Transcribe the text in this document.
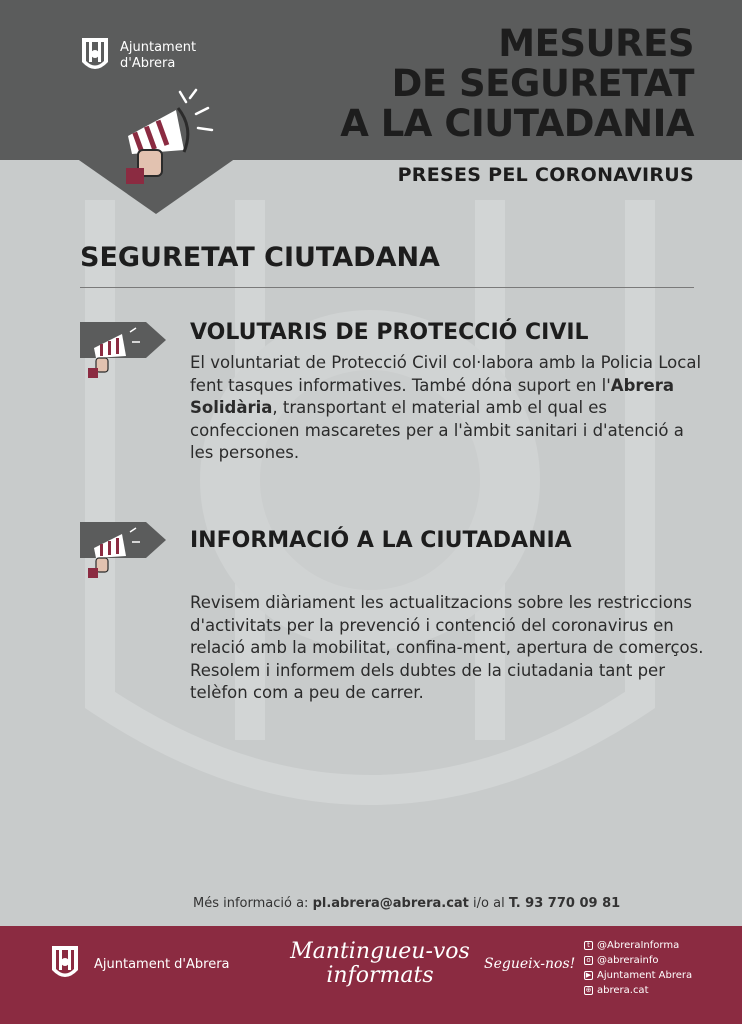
Ajuntament
d'Abrera	MESURES
DE SEGURETAT
A LA CIUTADANIA
PRESES PEL CORONAVIRUS
SEGURETAT CIUTADANA
VOLUTARIS DE PROTECCIÓ CIVIL
El voluntariat de Protecció Civil col·labora amb la Policia Local fent tasques informatives. També dóna suport en l'Abrera Solidària, transportant el material amb el qual es confeccionen mascaretes per a l'àmbit sanitari i d'atenció a les persones.
INFORMACIÓ A LA CIUTADANIA
Revisem diàriament les actualitzacions sobre les restriccions d'activitats per la prevenció i contenció del coronavirus en relació amb la mobilitat, confina-ment, apertura de comerços. Resolem i informem dels dubtes de la ciutadania tant per telèfon com a peu de carrer.
Més informació a: pl.abrera@abrera.cat i/o al T. 93 770 09 81
Ajuntament d'Abrera	Mantingueu-vos
informats	Segueix-nos!
t @AbreraInforma
o @abrerainfo
▶ Ajuntament Abrera
⊕ abrera.cat
